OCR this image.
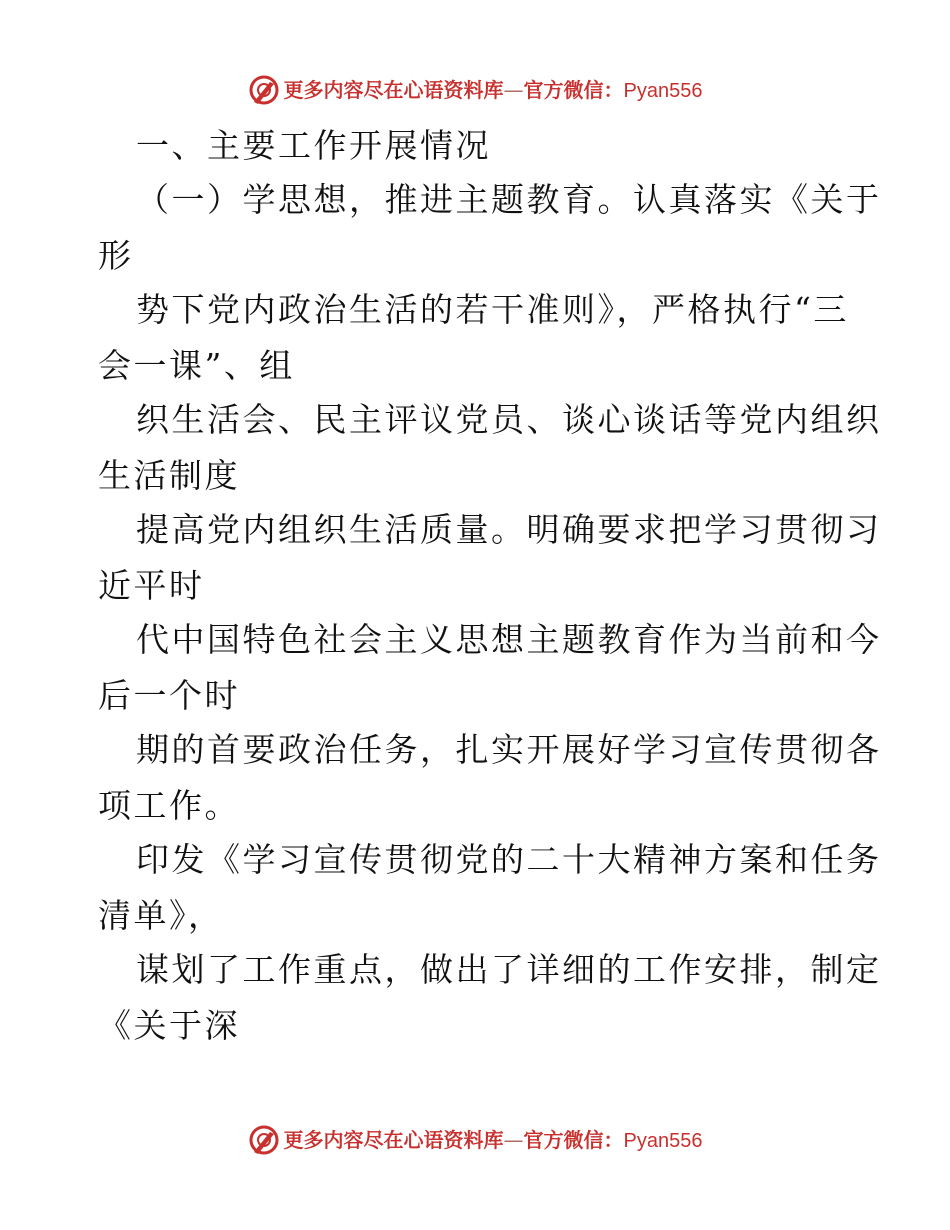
更多内容尽在心语资料库 — 官方微信： Pyan556
一、主要工作开展情况
（一）学思想，推进主题教育。认真落实《关于
形
势下党内政治生活的若干准则》，严格执行“三
会一课”、组
织生活会、民主评议党员、谈心谈话等党内组织
生活制度
提高党内组织生活质量。明确要求把学习贯彻习
近平时
代中国特色社会主义思想主题教育作为当前和今
后一个时
期的首要政治任务，扎实开展好学习宣传贯彻各
项工作。
印发《学习宣传贯彻党的二十大精神方案和任务
清单》，
谋划了工作重点，做出了详细的工作安排，制定
《关于深
更多内容尽在心语资料库 — 官方微信： Pyan556
